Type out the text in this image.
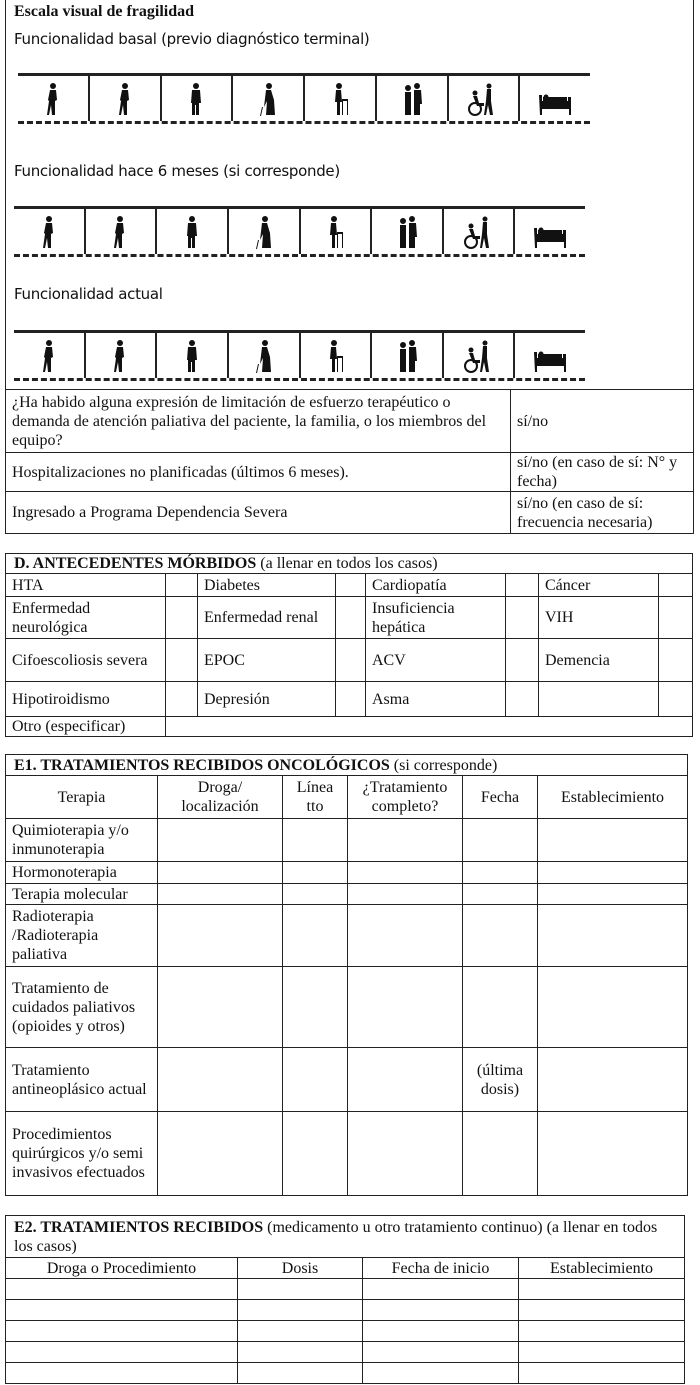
Escala visual de fragilidad
Funcionalidad basal (previo diagnóstico terminal)
Funcionalidad hace 6 meses (si corresponde)
Funcionalidad actual
¿Ha habido alguna expresión de limitación de esfuerzo terapéutico o demanda de atención paliativa del paciente, la familia, o los miembros del equipo?	sí/no
Hospitalizaciones no planificadas (últimos 6 meses).	sí/no (en caso de sí: N° y fecha)
Ingresado a Programa Dependencia Severa	sí/no (en caso de sí: frecuencia necesaria)
D. ANTECEDENTES MÓRBIDOS (a llenar en todos los casos)							
HTA		Diabetes		Cardiopatía		Cáncer	
Enfermedad neurológica		Enfermedad renal		Insuficiencia hepática		VIH	
Cifoescoliosis severa		EPOC		ACV		Demencia	
Hipotiroidismo		Depresión		Asma			
Otro (especificar)							
E1. TRATAMIENTOS RECIBIDOS ONCOLÓGICOS (si corresponde)					
Terapia	Droga/ localización	Línea tto	¿Tratamiento completo?	Fecha	Establecimiento
Quimioterapia y/o inmunoterapia					
Hormonoterapia					
Terapia molecular					
Radioterapia /Radioterapia paliativa					
Tratamiento de cuidados paliativos (opioides y otros)					
Tratamiento antineoplásico actual				(última dosis)	
Procedimientos quirúrgicos y/o semi invasivos efectuados					
E2. TRATAMIENTOS RECIBIDOS (medicamento u otro tratamiento continuo) (a llenar en todos los casos)			
Droga o Procedimiento	Dosis	Fecha de inicio	Establecimiento
